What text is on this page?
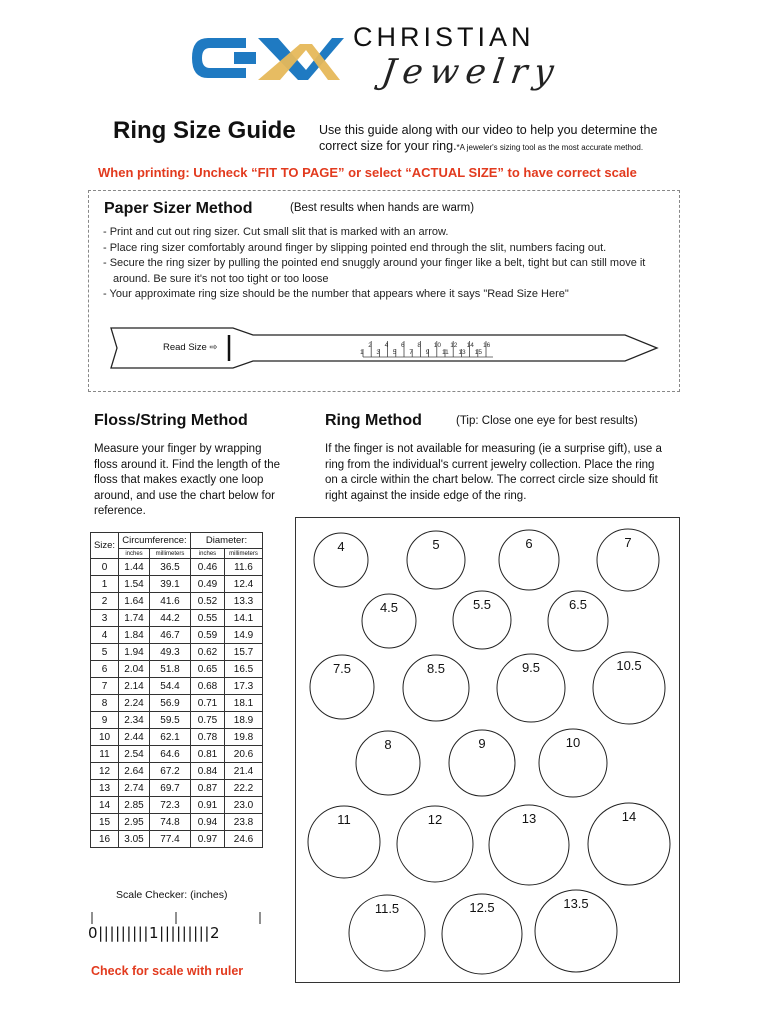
CHRISTIAN
Jewelry
Ring Size Guide Use this guide along with our video to help you determine the correct size for your ring.*A jeweler's sizing tool as the most accurate method.
When printing: Uncheck “FIT TO PAGE” or select “ACTUAL SIZE” to have correct scale
Paper Sizer Method	(Best results when hands are warm)
- Print and cut out ring sizer. Cut small slit that is marked with an arrow.
- Place ring sizer comfortably around finger by slipping pointed end through the slit, numbers facing out.
- Secure the ring sizer by pulling the pointed end snuggly around your finger like a belt, tight but can still move it around. Be sure it's not too tight or too loose
- Your approximate ring size should be the number that appears where it says "Read Size Here"
1
2
3
4
5
6
7
8
9
10
11
12
13
14
15
16
Read Size ⇨
Floss/String Method
Measure your finger by wrapping floss around it. Find the length of the floss that makes exactly one loop around, and use the chart below for reference.
Ring Method	(Tip: Close one eye for best results)
If the finger is not available for measuring (ie a surprise gift), use a ring from the individual's current jewelry collection. Place the ring on a circle within the chart below. The correct circle size should fit right against the inside edge of the ring.
Size:	Circumference:		Diameter:	
	inches	millimeters	inches	millimeters
0	1.44	36.5	0.46	11.6
1	1.54	39.1	0.49	12.4
2	1.64	41.6	0.52	13.3
3	1.74	44.2	0.55	14.1
4	1.84	46.7	0.59	14.9
5	1.94	49.3	0.62	15.7
6	2.04	51.8	0.65	16.5
7	2.14	54.4	0.68	17.3
8	2.24	56.9	0.71	18.1
9	2.34	59.5	0.75	18.9
10	2.44	62.1	0.78	19.8
11	2.54	64.6	0.81	20.6
12	2.64	67.2	0.84	21.4
13	2.74	69.7	0.87	22.2
14	2.85	72.3	0.91	23.0
15	2.95	74.8	0.94	23.8
16	3.05	77.4	0.97	24.6
Scale Checker: (inches)
0|||||||||1|||||||||2
Check for scale with ruler
4	5	6	7
4.5	5.5	6.5
7.5	8.5	9.5	10.5
8	9	10
11	12	13	14
11.5	12.5	13.5
